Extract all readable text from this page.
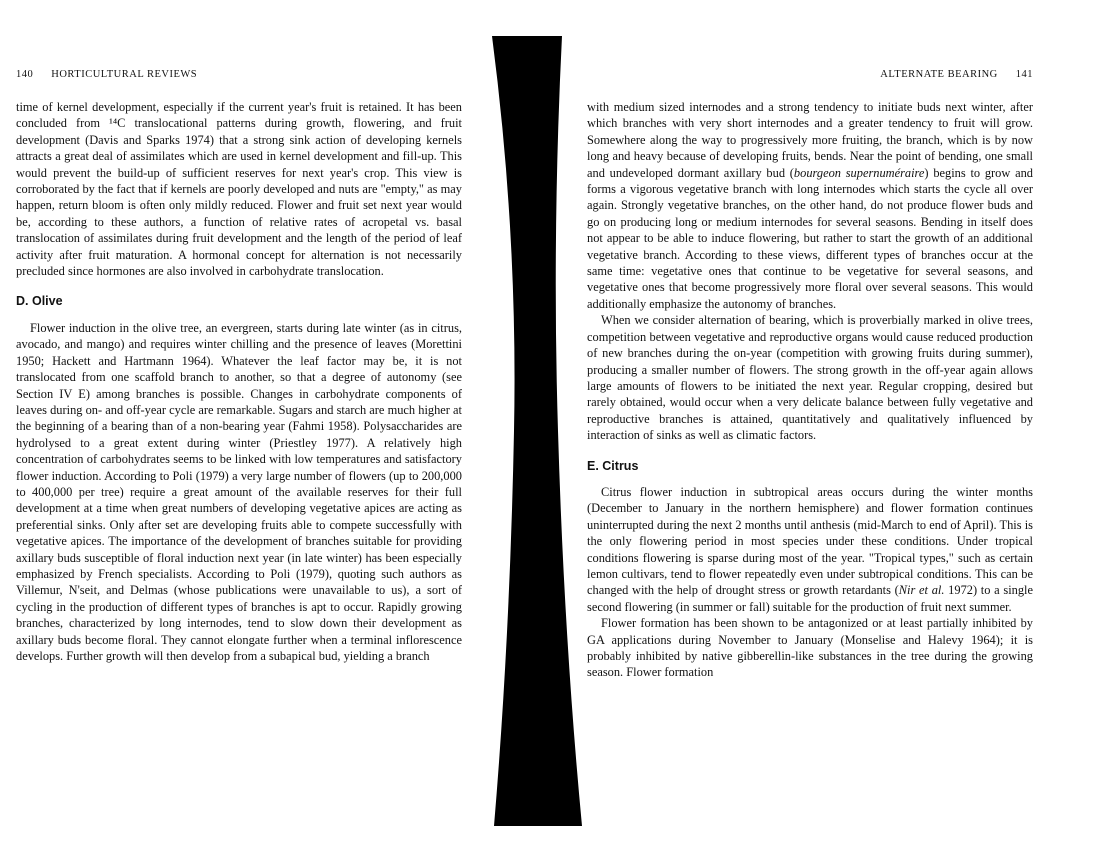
140 HORTICULTURAL REVIEWS

time of kernel development, especially if the current year's fruit is retained. It has been concluded from ¹⁴C translocational patterns during growth, flowering, and fruit development (Davis and Sparks 1974) that a strong sink action of developing kernels attracts a great deal of assimilates which are used in kernel development and fill-up. This would prevent the build-up of sufficient reserves for next year's crop. This view is corroborated by the fact that if kernels are poorly developed and nuts are "empty," as may happen, return bloom is often only mildly reduced. Flower and fruit set next year would be, according to these authors, a function of relative rates of acropetal vs. basal translocation of assimilates during fruit development and the length of the period of leaf activity after fruit maturation. A hormonal concept for alternation is not necessarily precluded since hormones are also involved in carbohydrate translocation.

D. Olive

Flower induction in the olive tree, an evergreen, starts during late winter (as in citrus, avocado, and mango) and requires winter chilling and the presence of leaves (Morettini 1950; Hackett and Hartmann 1964). Whatever the leaf factor may be, it is not translocated from one scaffold branch to another, so that a degree of autonomy (see Section IV E) among branches is possible. Changes in carbohydrate components of leaves during on- and off-year cycle are remarkable. Sugars and starch are much higher at the beginning of a bearing than of a non-bearing year (Fahmi 1958). Polysaccharides are hydrolysed to a great extent during winter (Priestley 1977). A relatively high concentration of carbohydrates seems to be linked with low temperatures and satisfactory flower induction. According to Poli (1979) a very large number of flowers (up to 200,000 to 400,000 per tree) require a great amount of the available reserves for their full development at a time when great numbers of developing vegetative apices are acting as preferential sinks. Only after set are developing fruits able to compete successfully with vegetative apices. The importance of the development of branches suitable for providing axillary buds susceptible of floral induction next year (in late winter) has been especially emphasized by French specialists. According to Poli (1979), quoting such authors as Villemur, N'seit, and Delmas (whose publications were unavailable to us), a sort of cycling in the production of different types of branches is apt to occur. Rapidly growing branches, characterized by long internodes, tend to slow down their development as axillary buds become floral. They cannot elongate further when a terminal inflorescence develops. Further growth will then develop from a subapical bud, yielding a branch

ALTERNATE BEARING 141

with medium sized internodes and a strong tendency to initiate buds next winter, after which branches with very short internodes and a greater tendency to fruit will grow. Somewhere along the way to progressively more fruiting, the branch, which is by now long and heavy because of developing fruits, bends. Near the point of bending, one small and undeveloped dormant axillary bud (bourgeon supernuméraire) begins to grow and forms a vigorous vegetative branch with long internodes which starts the cycle all over again. Strongly vegetative branches, on the other hand, do not produce flower buds and go on producing long or medium internodes for several seasons. Bending in itself does not appear to be able to induce flowering, but rather to start the growth of an additional vegetative branch. According to these views, different types of branches occur at the same time: vegetative ones that continue to be vegetative for several seasons, and vegetative ones that become progressively more floral over several seasons. This would additionally emphasize the autonomy of branches.

When we consider alternation of bearing, which is proverbially marked in olive trees, competition between vegetative and reproductive organs would cause reduced production of new branches during the on-year (competition with growing fruits during summer), producing a smaller number of flowers. The strong growth in the off-year again allows large amounts of flowers to be initiated the next year. Regular cropping, desired but rarely obtained, would occur when a very delicate balance between fully vegetative and reproductive branches is attained, quantitatively and qualitatively influenced by interaction of sinks as well as climatic factors.

E. Citrus

Citrus flower induction in subtropical areas occurs during the winter months (December to January in the northern hemisphere) and flower formation continues uninterrupted during the next 2 months until anthesis (mid-March to end of April). This is the only flowering period in most species under these conditions. Under tropical conditions flowering is sparse during most of the year. "Tropical types," such as certain lemon cultivars, tend to flower repeatedly even under subtropical conditions. This can be changed with the help of drought stress or growth retardants (Nir et al. 1972) to a single second flowering (in summer or fall) suitable for the production of fruit next summer.

Flower formation has been shown to be antagonized or at least partially inhibited by GA applications during November to January (Monselise and Halevy 1964); it is probably inhibited by native gibberellin-like substances in the tree during the growing season. Flower formation
